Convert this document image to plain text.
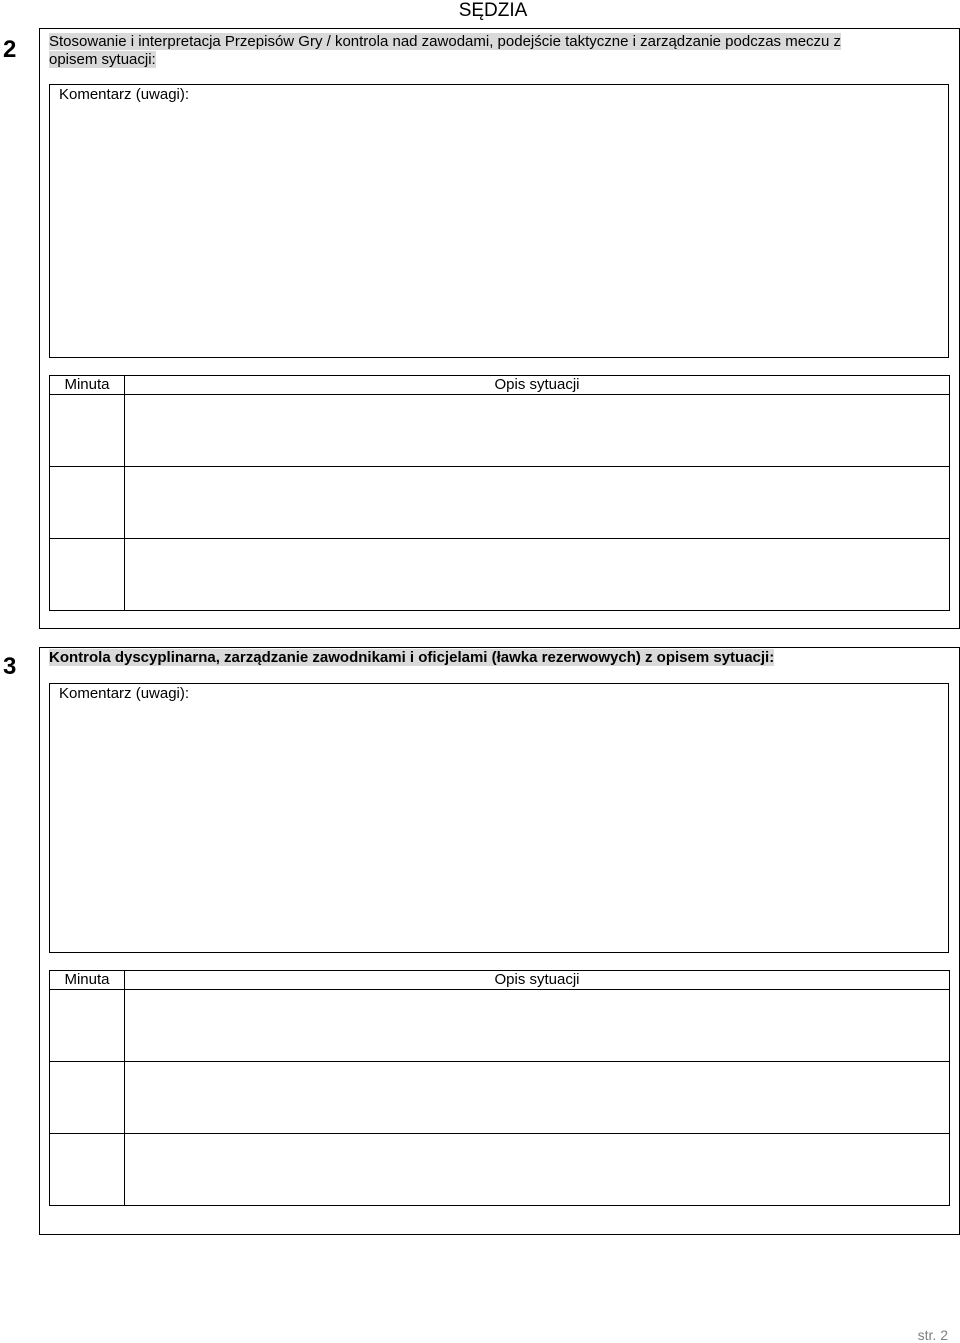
SĘDZIA
2 Stosowanie i interpretacja Przepisów Gry / kontrola nad zawodami, podejście taktyczne i zarządzanie podczas meczu z
opisem sytuacji:
Komentarz (uwagi):
Minuta	Opis sytuacji

3 Kontrola dyscyplinarna, zarządzanie zawodnikami i oficjelami (ławka rezerwowych) z opisem sytuacji:
Komentarz (uwagi):
Minuta	Opis sytuacji

str. 2
